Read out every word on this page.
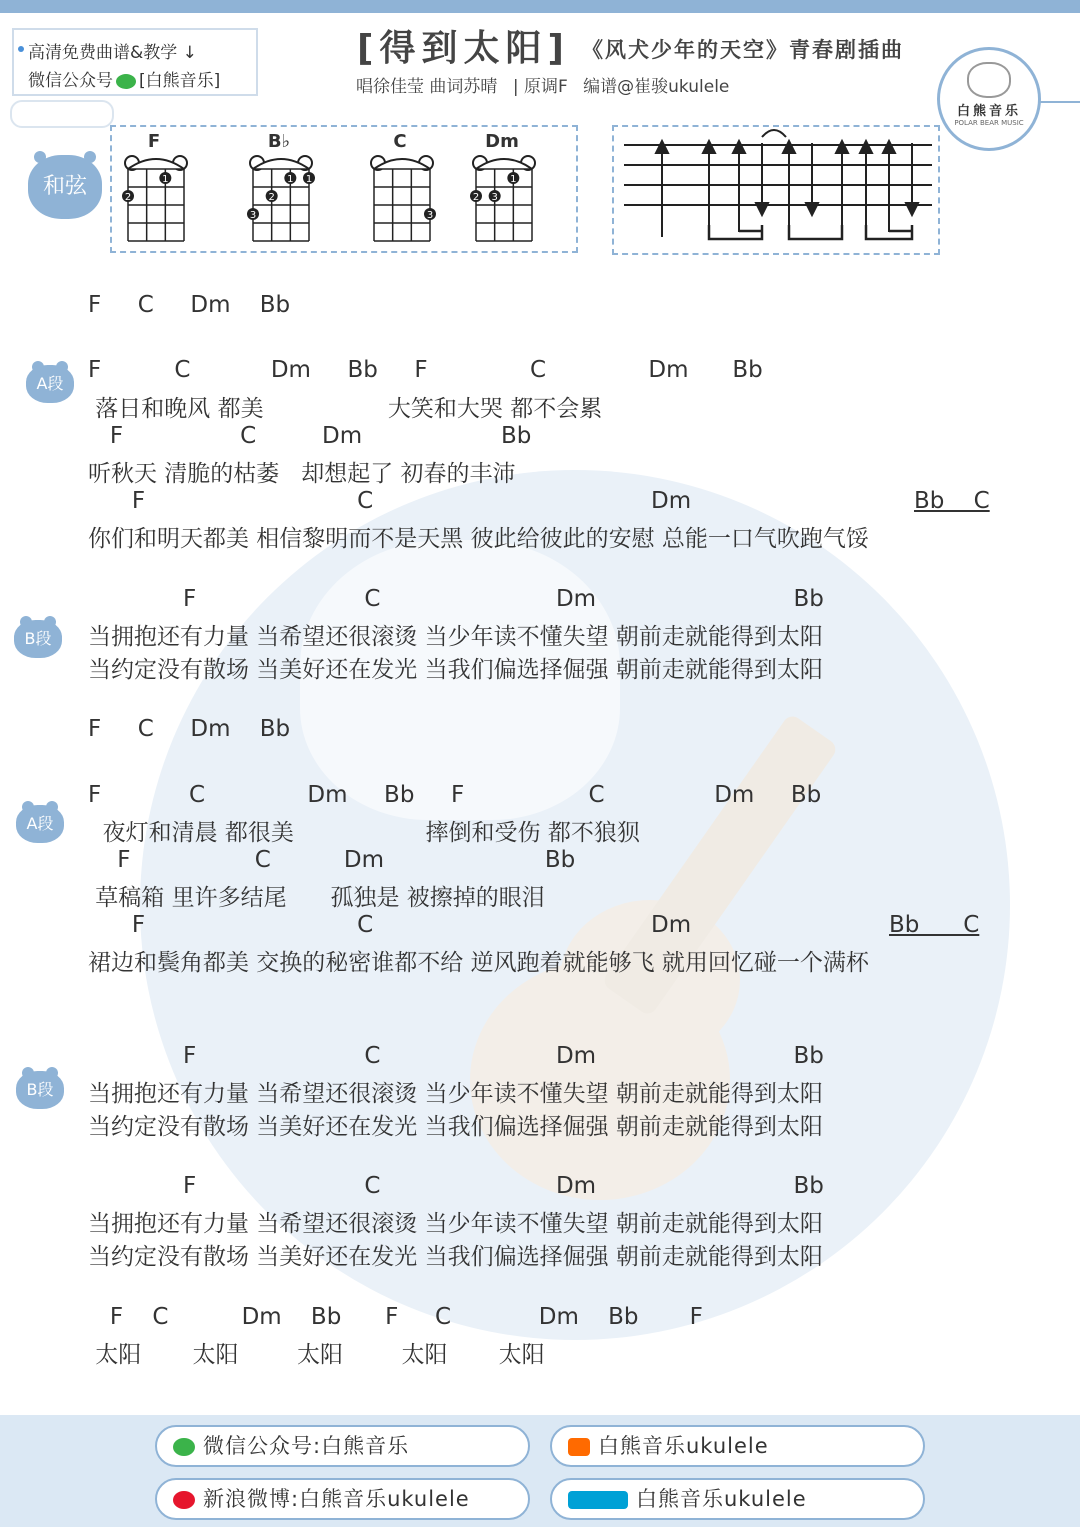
高清免费曲谱&教学 ↓
微信公众号 [白熊音乐]
[得到太阳] 《风犬少年的天空》青春剧插曲
唱徐佳莹 曲词苏晴 | 原调F 编谱@崔骏ukulele
白熊音乐
POLAR BEAR MUSIC
和弦
F
1
2
B♭
1 1
2
3
C
3
Dm
1
2 3
A段
B段
A段
B段
F     C     Dm    Bb
F          C           Dm     Bb     F              C              Dm      Bb
落日和晚风 都美                 大笑和大哭 都不会累
F                C         Dm                   Bb
听秋天 清脆的枯萎   却想起了 初春的丰沛
F                             C                                      Dm Bb    C
你们和明天都美 相信黎明而不是天黑 彼此给彼此的安慰 总能一口气吹跑气馁
F                       C                        Dm                           Bb
当拥抱还有力量 当希望还很滚烫 当少年读不懂失望 朝前走就能得到太阳
当约定没有散场 当美好还在发光 当我们偏选择倔强 朝前走就能得到太阳
F     C     Dm    Bb
F            C              Dm     Bb     F                 C               Dm     Bb
夜灯和清晨 都很美                  摔倒和受伤 都不狼狈
F                 C          Dm                      Bb
草稿箱 里许多结尾      孤独是 被擦掉的眼泪
F                             C                                      Dm	Bb      C
裙边和鬓角都美 交换的秘密谁都不给 逆风跑着就能够飞 就用回忆碰一个满杯
F                       C                        Dm                           Bb
当拥抱还有力量 当希望还很滚烫 当少年读不懂失望 朝前走就能得到太阳
当约定没有散场 当美好还在发光 当我们偏选择倔强 朝前走就能得到太阳
F                       C                        Dm                           Bb
当拥抱还有力量 当希望还很滚烫 当少年读不懂失望 朝前走就能得到太阳
当约定没有散场 当美好还在发光 当我们偏选择倔强 朝前走就能得到太阳
F    C          Dm    Bb      F     C            Dm    Bb       F
太阳       太阳        太阳        太阳       太阳
微信公众号:白熊音乐	白熊音乐ukulele
新浪微博:白熊音乐ukulele	白熊音乐ukulele
